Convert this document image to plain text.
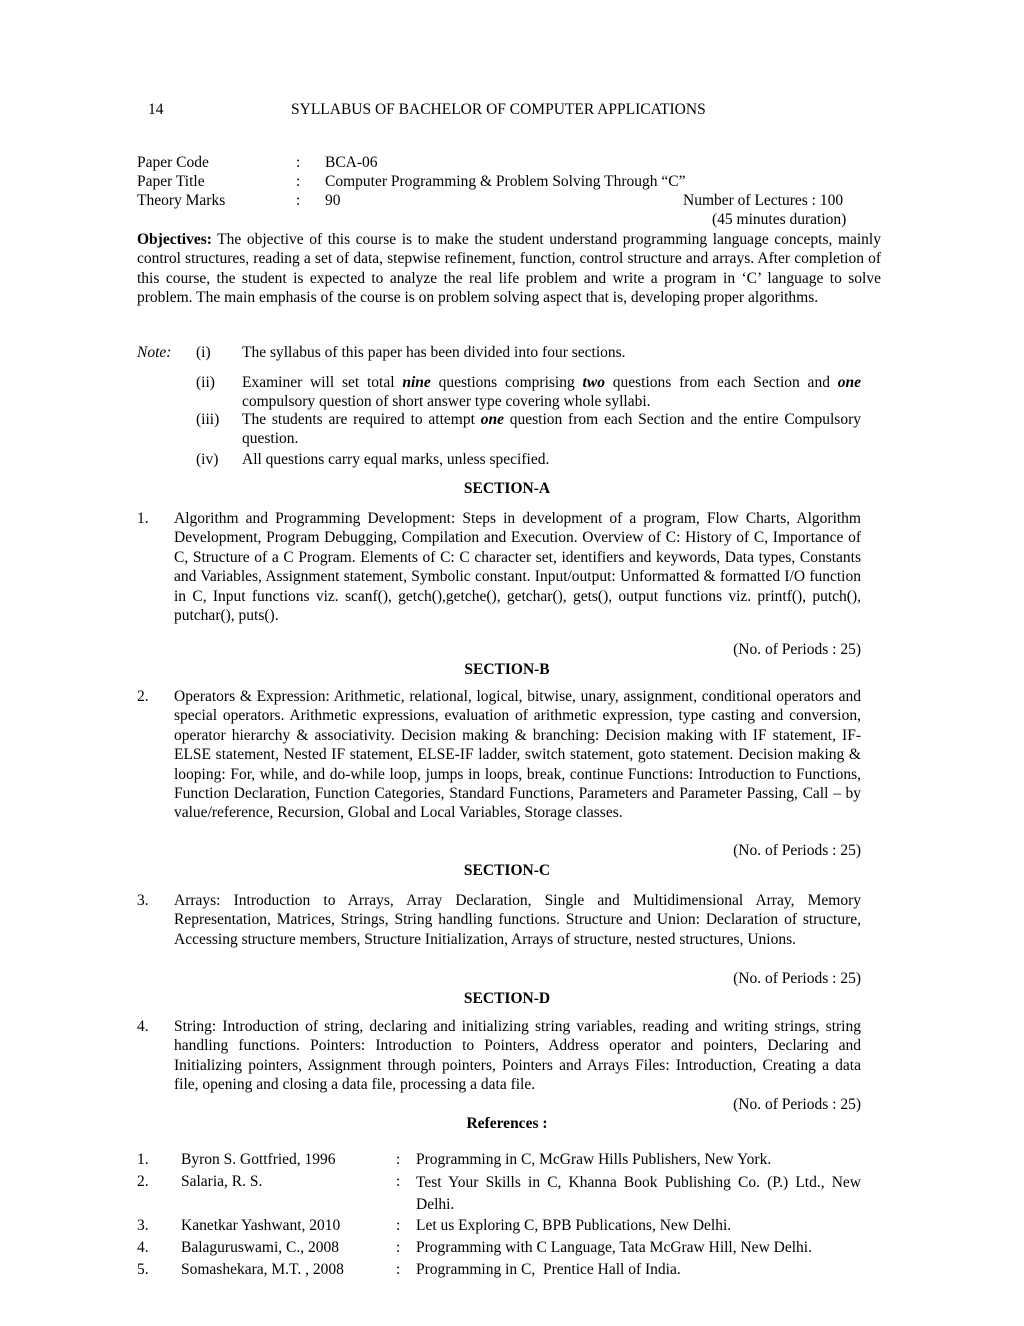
14	SYLLABUS OF BACHELOR OF COMPUTER APPLICATIONS
Paper Code	: BCA-06
Paper Title	: Computer Programming & Problem Solving Through “C”
Theory Marks	: 90	Number of Lectures : 100
(45 minutes duration)
Objectives: The objective of this course is to make the student understand programming language concepts, mainly control structures, reading a set of data, stepwise refinement, function, control structure and arrays. After completion of this course, the student is expected to analyze the real life problem and write a program in ‘C’ language to solve problem. The main emphasis of the course is on problem solving aspect that is, developing proper algorithms.
Note: (i) The syllabus of this paper has been divided into four sections.
(ii) Examiner will set total nine questions comprising two questions from each Section and one compulsory question of short answer type covering whole syllabi.
(iii) The students are required to attempt one question from each Section and the entire Compulsory question.
(iv) All questions carry equal marks, unless specified.
SECTION-A
1. Algorithm and Programming Development: Steps in development of a program, Flow Charts, Algorithm Development, Program Debugging, Compilation and Execution. Overview of C: History of C, Importance of C, Structure of a C Program. Elements of C: C character set, identifiers and keywords, Data types, Constants and Variables, Assignment statement, Symbolic constant. Input/output: Unformatted & formatted I/O function in C, Input functions viz. scanf(), getch(),getche(), getchar(), gets(), output functions viz. printf(), putch(), putchar(), puts().
(No. of Periods : 25)
SECTION-B
2. Operators & Expression: Arithmetic, relational, logical, bitwise, unary, assignment, conditional operators and special operators. Arithmetic expressions, evaluation of arithmetic expression, type casting and conversion, operator hierarchy & associativity. Decision making & branching: Decision making with IF statement, IF-ELSE statement, Nested IF statement, ELSE-IF ladder, switch statement, goto statement. Decision making & looping: For, while, and do-while loop, jumps in loops, break, continue Functions: Introduction to Functions, Function Declaration, Function Categories, Standard Functions, Parameters and Parameter Passing, Call – by value/reference, Recursion, Global and Local Variables, Storage classes.
(No. of Periods : 25)
SECTION-C
3. Arrays: Introduction to Arrays, Array Declaration, Single and Multidimensional Array, Memory Representation, Matrices, Strings, String handling functions. Structure and Union: Declaration of structure, Accessing structure members, Structure Initialization, Arrays of structure, nested structures, Unions.
(No. of Periods : 25)
SECTION-D
4. String: Introduction of string, declaring and initializing string variables, reading and writing strings, string handling functions. Pointers: Introduction to Pointers, Address operator and pointers, Declaring and Initializing pointers, Assignment through pointers, Pointers and Arrays Files: Introduction, Creating a data file, opening and closing a data file, processing a data file.
(No. of Periods : 25)
References :
1. Byron S. Gottfried, 1996	: Programming in C, McGraw Hills Publishers, New York.
2. Salaria, R. S.	: Test Your Skills in C, Khanna Book Publishing Co. (P.) Ltd., New Delhi.
3. Kanetkar Yashwant, 2010	: Let us Exploring C, BPB Publications, New Delhi.
4. Balaguruswami, C., 2008	: Programming with C Language, Tata McGraw Hill, New Delhi.
5. Somashekara, M.T. , 2008	: Programming in C,  Prentice Hall of India.
